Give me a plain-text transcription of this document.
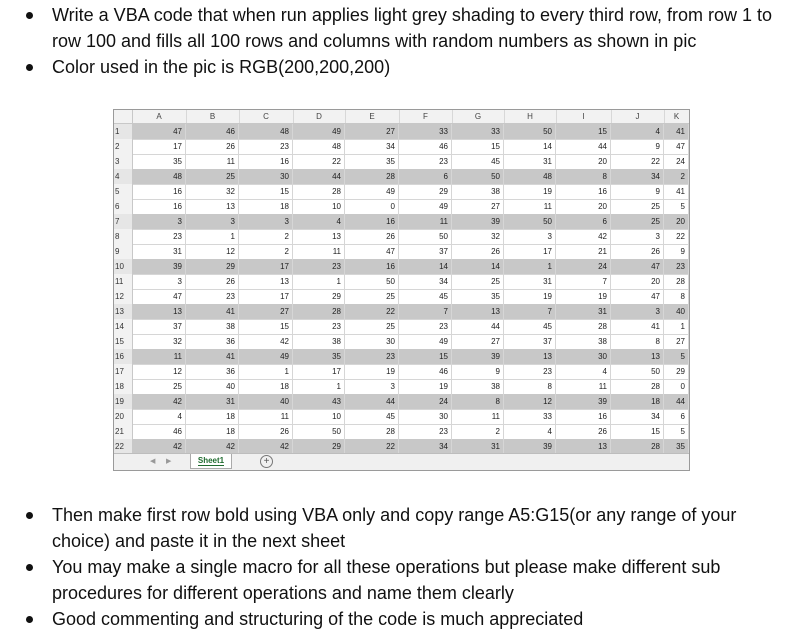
Write a VBA code that when run applies light grey shading to every third row, from row 1 to
row 100 and fills all 100 rows and columns with random numbers as shown in pic
Color used in the pic is RGB(200,200,200)
A	B	C	D	E	F	G	H	I	J	K
1	47	46	48	49	27	33	33	50	15	4	41
2	17	26	23	48	34	46	15	14	44	9	47
3	35	11	16	22	35	23	45	31	20	22	24
4	48	25	30	44	28	6	50	48	8	34	2
5	16	32	15	28	49	29	38	19	16	9	41
6	16	13	18	10	0	49	27	11	20	25	5
7	3	3	3	4	16	11	39	50	6	25	20
8	23	1	2	13	26	50	32	3	42	3	22
9	31	12	2	11	47	37	26	17	21	26	9
10	39	29	17	23	16	14	14	1	24	47	23
11	3	26	13	1	50	34	25	31	7	20	28
12	47	23	17	29	25	45	35	19	19	47	8
13	13	41	27	28	22	7	13	7	31	3	40
14	37	38	15	23	25	23	44	45	28	41	1
15	32	36	42	38	30	49	27	37	38	8	27
16	11	41	49	35	23	15	39	13	30	13	5
17	12	36	1	17	19	46	9	23	4	50	29
18	25	40	18	1	3	19	38	8	11	28	0
19	42	31	40	43	44	24	8	12	39	18	44
20	4	18	11	10	45	30	11	33	16	34	6
21	46	18	26	50	28	23	2	4	26	15	5
22	42	42	42	29	22	34	31	39	13	28	35
◀ ▶	Sheet1	+
Then make first row bold using VBA only and copy range A5:G15(or any range of your
choice) and paste it in the next sheet
You may make a single macro for all these operations but please make different sub
procedures for different operations and name them clearly
Good commenting and structuring of the code is much appreciated
